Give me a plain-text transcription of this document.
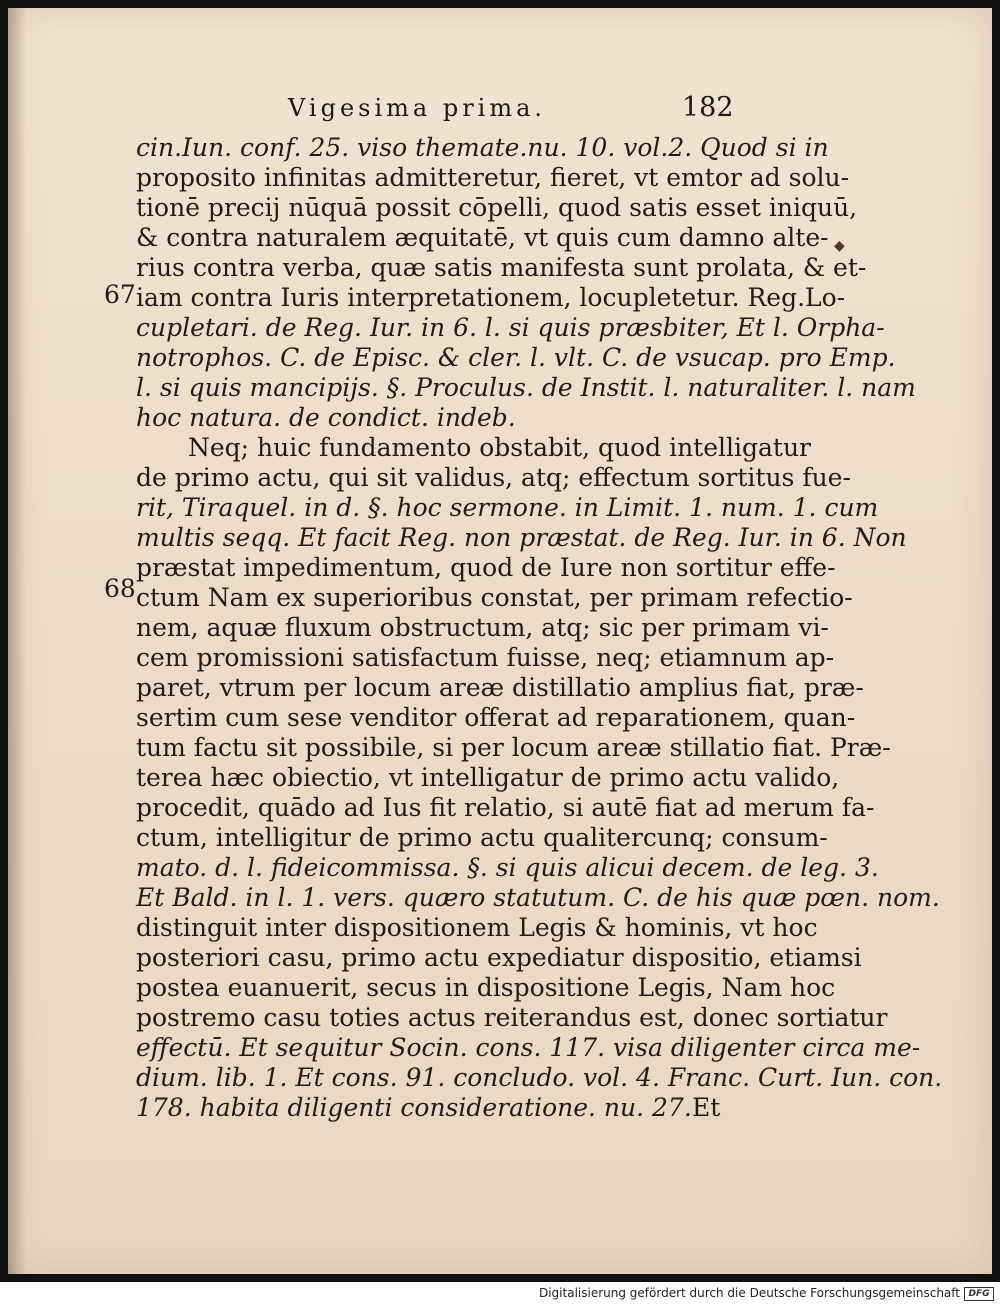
Vigesima prima.	182
67
68
◆
cin.Iun. conf. 25. viso themate.nu. 10. vol.2. Quod si in
proposito infinitas admitteretur, fieret, vt emtor ad solu-
tionē precij nūquā possit cōpelli, quod satis esset iniquū,
& contra naturalem æquitatē, vt quis cum damno alte-
rius contra verba, quæ satis manifesta sunt prolata, & et-
iam contra Iuris interpretationem, locupletetur. Reg.Lo-
cupletari. de Reg. Iur. in 6. l. si quis præsbiter, Et l. Orpha-
notrophos. C. de Episc. & cler. l. vlt. C. de vsucap. pro Emp.
l. si quis mancipijs. §. Proculus. de Instit. l. naturaliter. l. nam
hoc natura. de condict. indeb.
Neq; huic fundamento obstabit, quod intelligatur
de primo actu, qui sit validus, atq; effectum sortitus fue-
rit, Tiraquel. in d. §. hoc sermone. in Limit. 1. num. 1. cum
multis seqq. Et facit Reg. non præstat. de Reg. Iur. in 6. Non
præstat impedimentum, quod de Iure non sortitur effe-
ctum Nam ex superioribus constat, per primam refectio-
nem, aquæ fluxum obstructum, atq; sic per primam vi-
cem promissioni satisfactum fuisse, neq; etiamnum ap-
paret, vtrum per locum areæ distillatio amplius fiat, præ-
sertim cum sese venditor offerat ad reparationem, quan-
tum factu sit possibile, si per locum areæ stillatio fiat. Præ-
terea hæc obiectio, vt intelligatur de primo actu valido,
procedit, quādo ad Ius fit relatio, si autē fiat ad merum fa-
ctum, intelligitur de primo actu qualitercunq; consum-
mato. d. l. fideicommissa. §. si quis alicui decem. de leg. 3.
Et Bald. in l. 1. vers. quæro statutum. C. de his quæ pœn. nom.
distinguit inter dispositionem Legis & hominis, vt hoc
posteriori casu, primo actu expediatur dispositio, etiamsi
postea euanuerit, secus in dispositione Legis, Nam hoc
postremo casu toties actus reiterandus est, donec sortiatur
effectū. Et sequitur Socin. cons. 117. visa diligenter circa me-
dium. lib. 1. Et cons. 91. concludo. vol. 4. Franc. Curt. Iun. con.
178. habita diligenti consideratione. nu. 27. Et
Digitalisierung gefördert durch die Deutsche Forschungsgemeinschaft DFG
